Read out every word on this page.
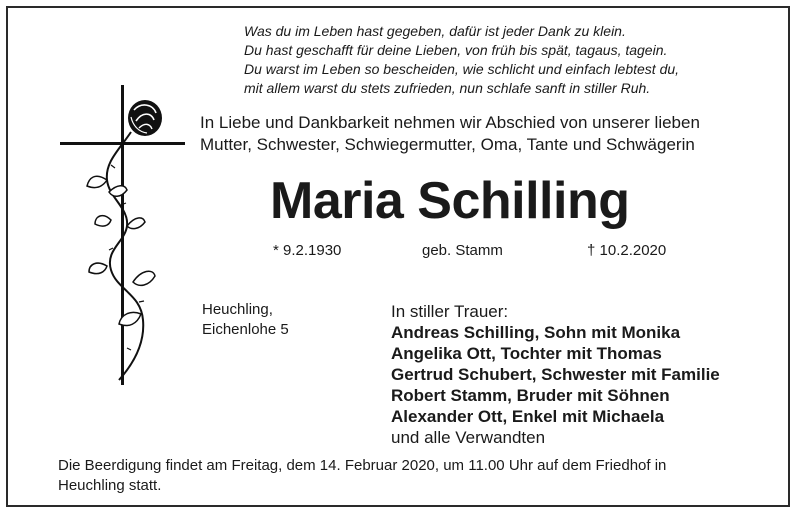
Was du im Leben hast gegeben, dafür ist jeder Dank zu klein.
Du hast geschafft für deine Lieben, von früh bis spät, tagaus, tagein.
Du warst im Leben so bescheiden, wie schlicht und einfach lebtest du,
mit allem warst du stets zufrieden, nun schlafe sanft in stiller Ruh.
In Liebe und Dankbarkeit nehmen wir Abschied von unserer lieben
Mutter, Schwester, Schwiegermutter, Oma, Tante und Schwägerin
Maria Schilling
* 9.2.1930	geb. Stamm	† 10.2.2020
Heuchling,
Eichenlohe 5
In stiller Trauer:
Andreas Schilling, Sohn mit Monika
Angelika Ott, Tochter mit Thomas
Gertrud Schubert, Schwester mit Familie
Robert Stamm, Bruder mit Söhnen
Alexander Ott, Enkel mit Michaela
und alle Verwandten
Die Beerdigung findet am Freitag, dem 14. Februar 2020, um 11.00 Uhr auf dem Friedhof in
Heuchling statt.
